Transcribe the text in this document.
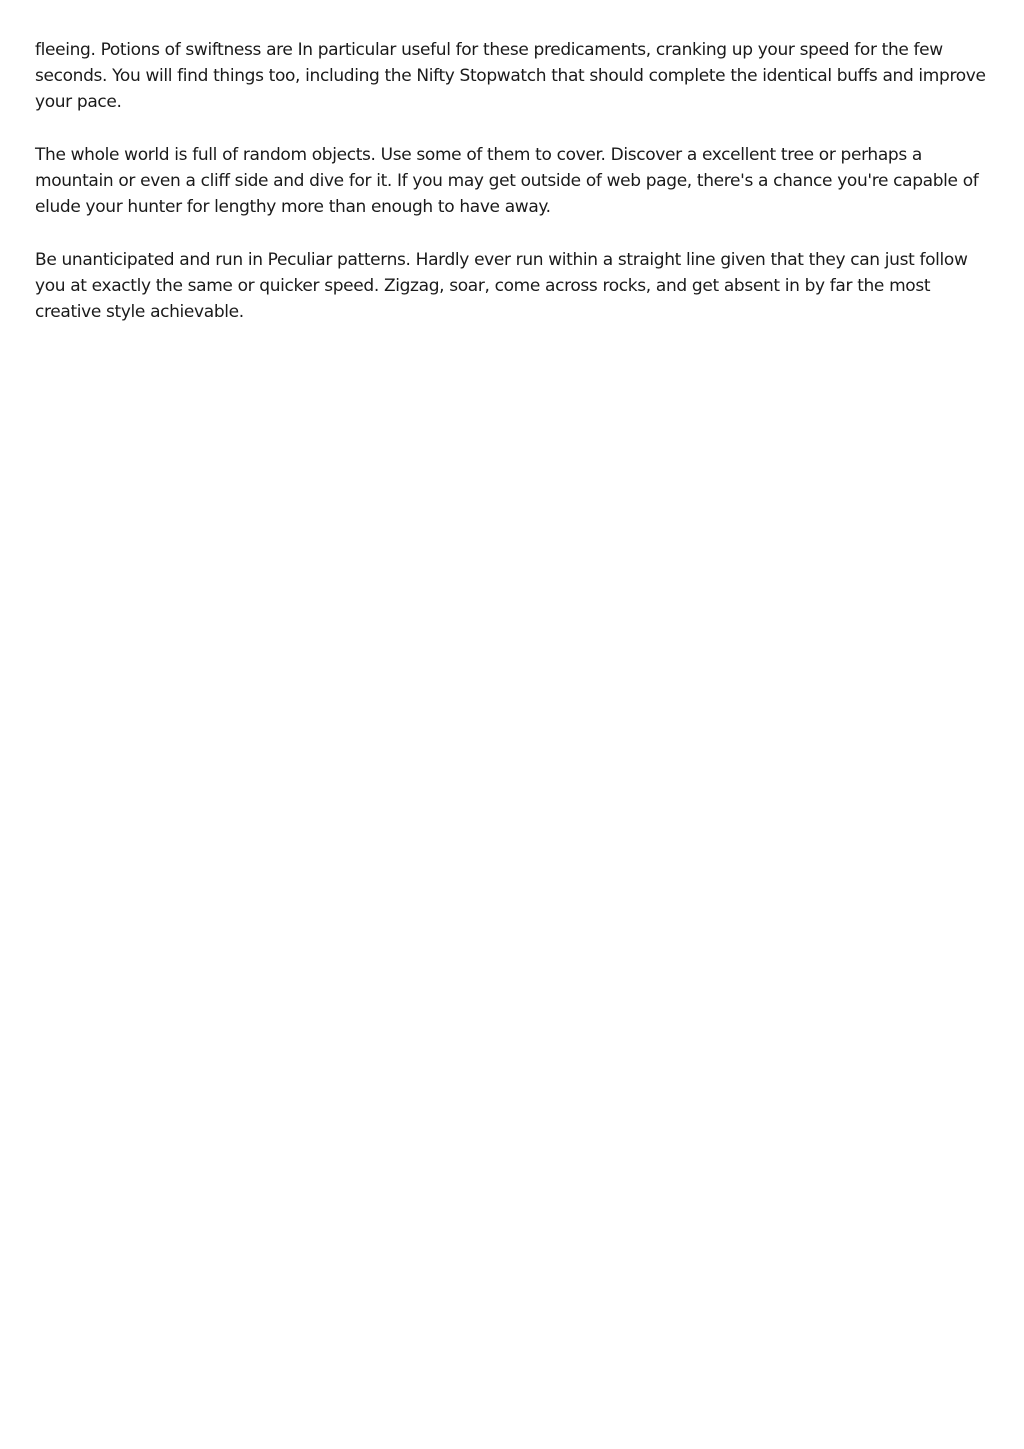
fleeing. Potions of swiftness are In particular useful for these predicaments, cranking up your speed for the few seconds. You will find things too, including the Nifty Stopwatch that should complete the identical buffs and improve your pace.

The whole world is full of random objects. Use some of them to cover. Discover a excellent tree or perhaps a mountain or even a cliff side and dive for it. If you may get outside of web page, there's a chance you're capable of elude your hunter for lengthy more than enough to have away.

Be unanticipated and run in Peculiar patterns. Hardly ever run within a straight line given that they can just follow you at exactly the same or quicker speed. Zigzag, soar, come across rocks, and get absent in by far the most creative style achievable.
